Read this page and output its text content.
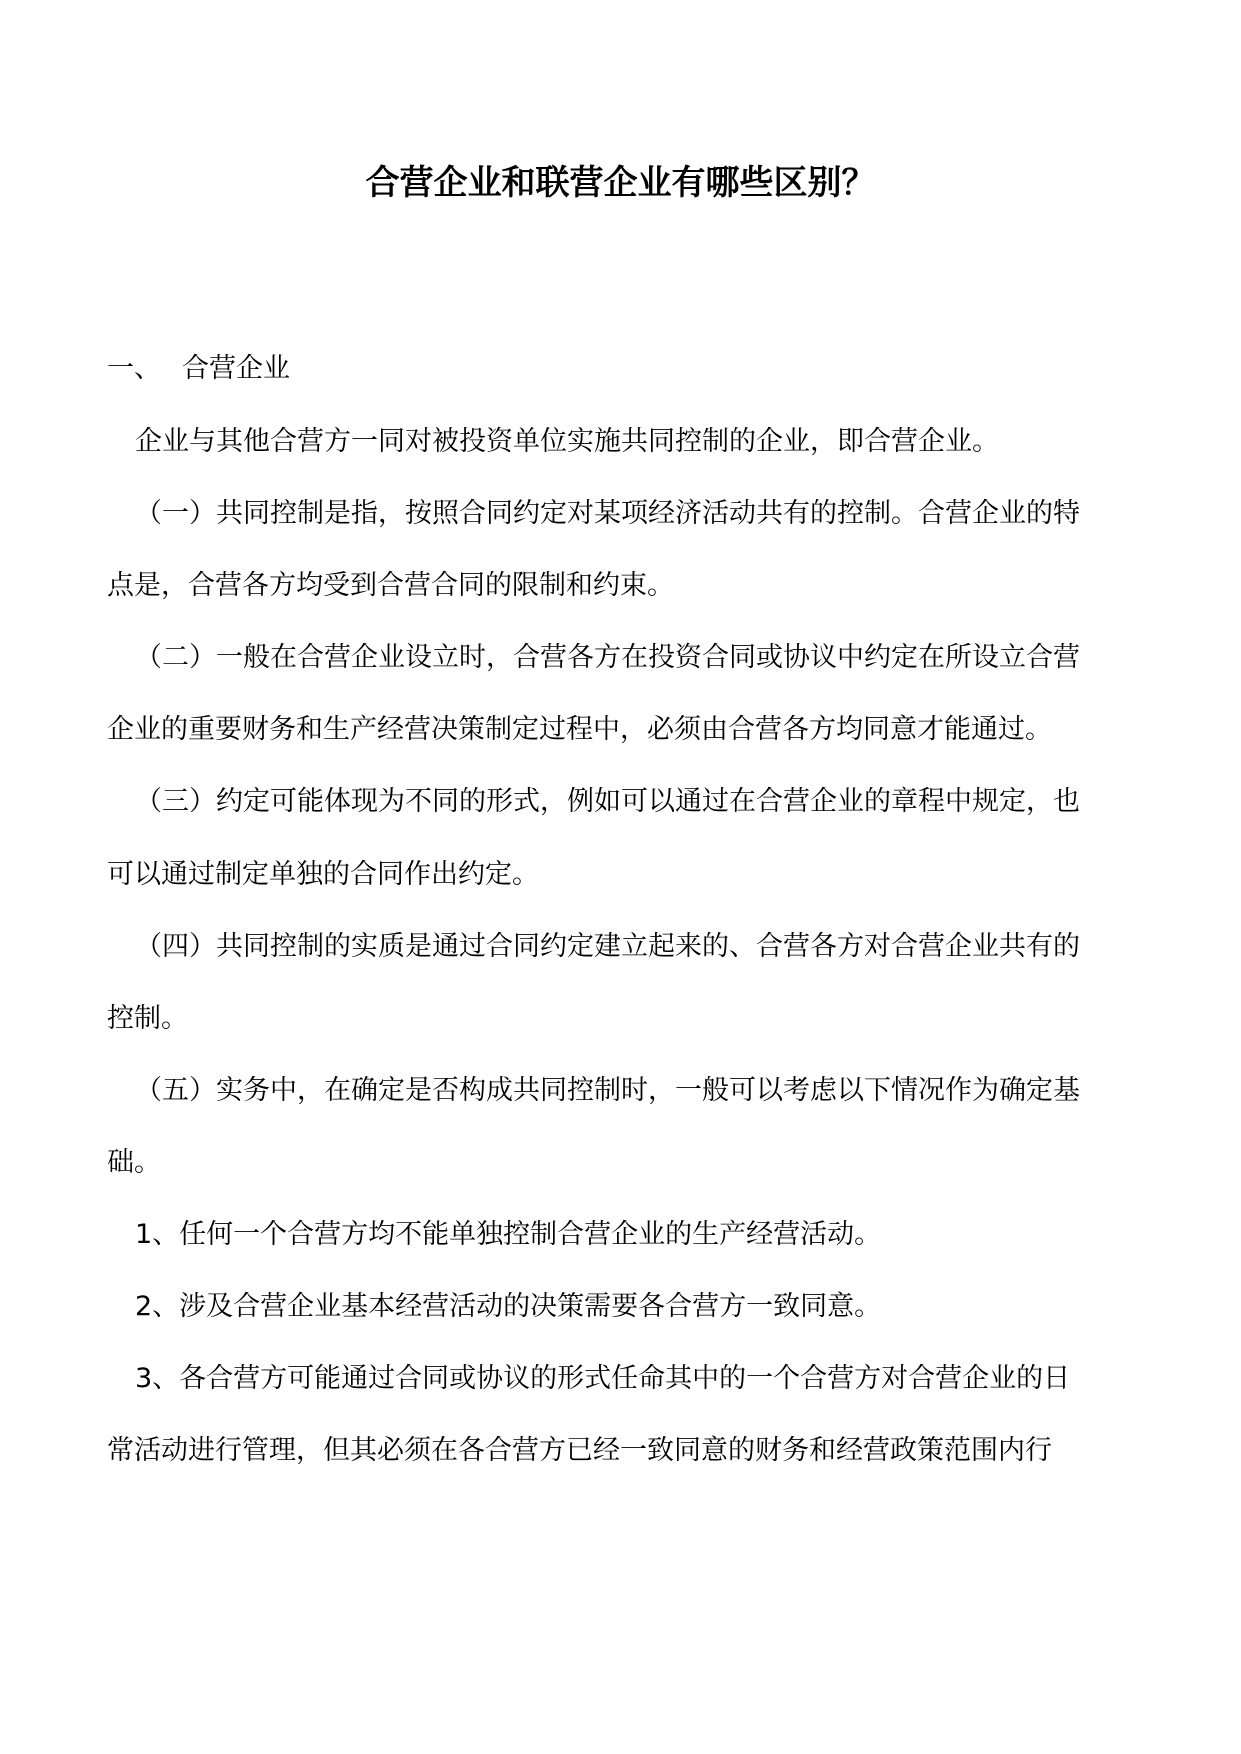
合营企业和联营企业有哪些区别？
一、 合营企业
企业与其他合营方一同对被投资单位实施共同控制的企业，即合营企业。
（一）共同控制是指，按照合同约定对某项经济活动共有的控制。合营企业的特
点是，合营各方均受到合营合同的限制和约束。
（二）一般在合营企业设立时，合营各方在投资合同或协议中约定在所设立合营
企业的重要财务和生产经营决策制定过程中，必须由合营各方均同意才能通过。
（三）约定可能体现为不同的形式，例如可以通过在合营企业的章程中规定，也
可以通过制定单独的合同作出约定。
（四）共同控制的实质是通过合同约定建立起来的、合营各方对合营企业共有的
控制。
（五）实务中，在确定是否构成共同控制时，一般可以考虑以下情况作为确定基
础。
1、任何一个合营方均不能单独控制合营企业的生产经营活动。
2、涉及合营企业基本经营活动的决策需要各合营方一致同意。
3、各合营方可能通过合同或协议的形式任命其中的一个合营方对合营企业的日
常活动进行管理，但其必须在各合营方已经一致同意的财务和经营政策范围内行
